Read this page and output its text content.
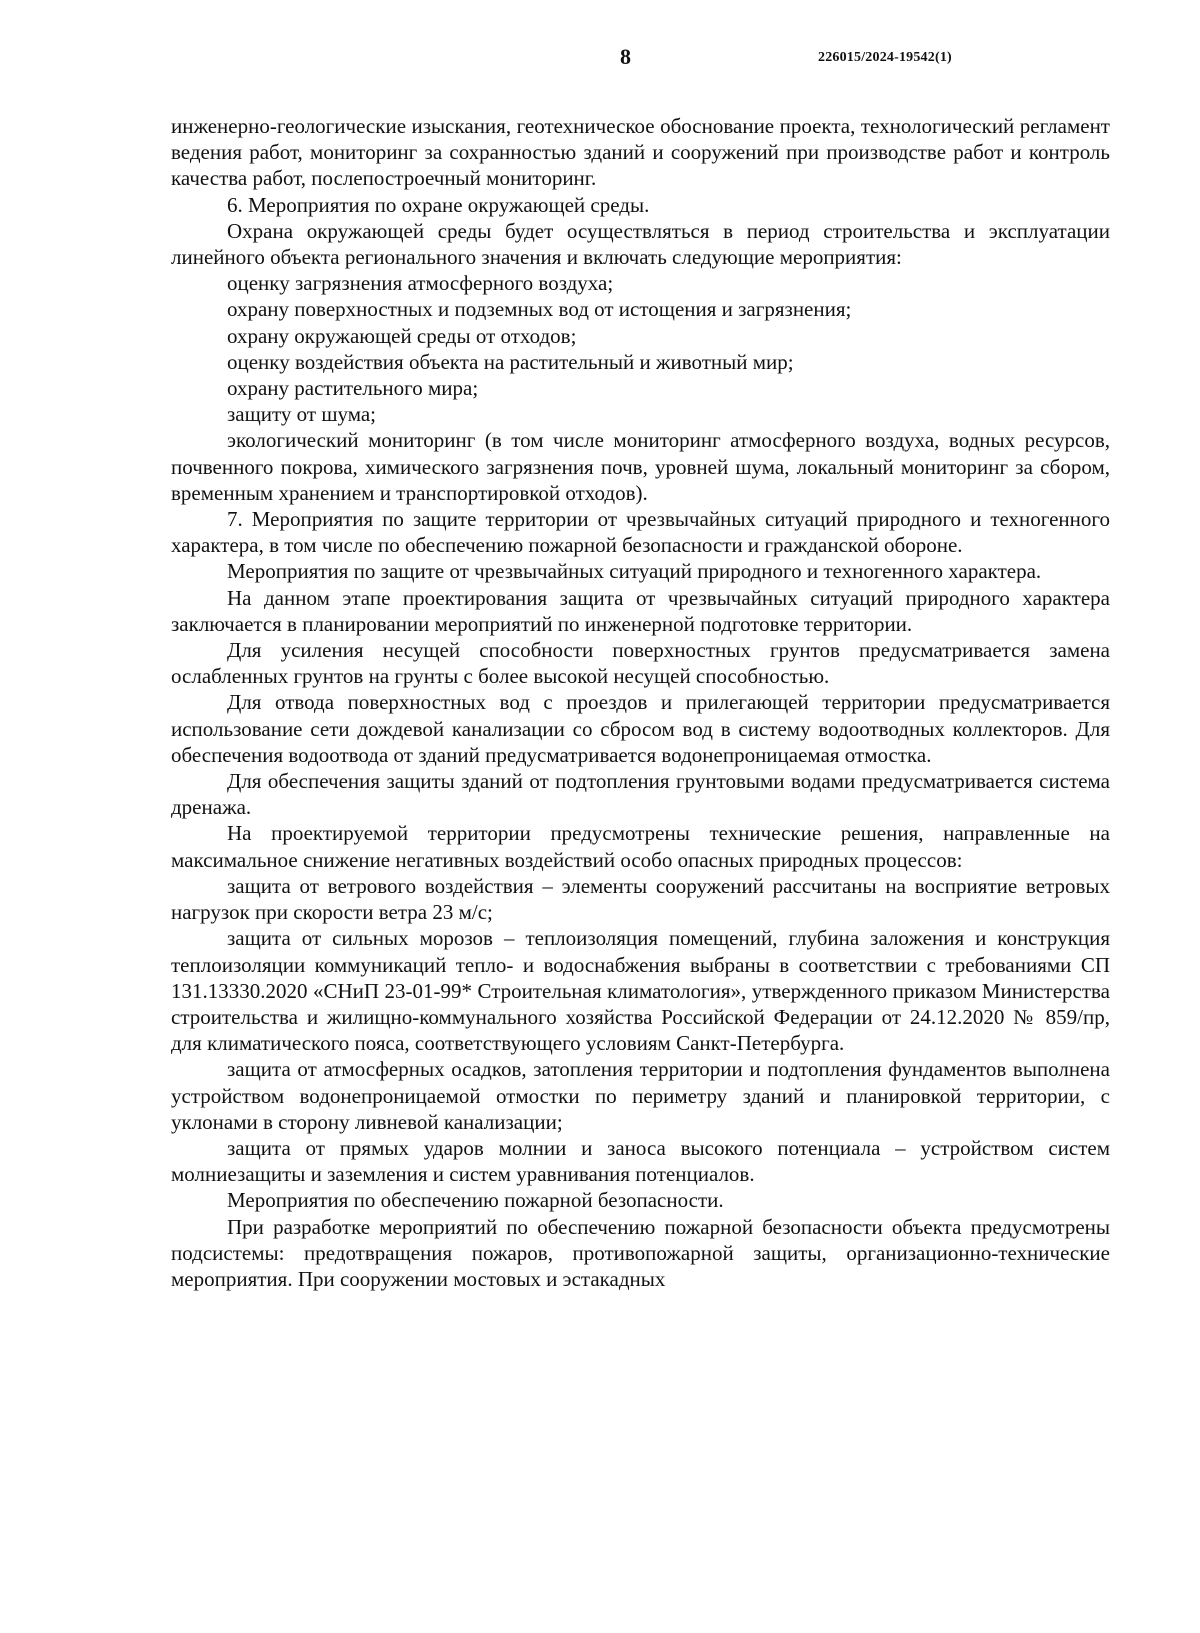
8	226015/2024-19542(1)

инженерно-геологические изыскания, геотехническое обоснование проекта, технологический регламент ведения работ, мониторинг за сохранностью зданий и сооружений при производстве работ и контроль качества работ, послепостроечный мониторинг.

6. Мероприятия по охране окружающей среды.

Охрана окружающей среды будет осуществляться в период строительства и эксплуатации линейного объекта регионального значения и включать следующие мероприятия:

оценку загрязнения атмосферного воздуха;

охрану поверхностных и подземных вод от истощения и загрязнения;

охрану окружающей среды от отходов;

оценку воздействия объекта на растительный и животный мир;

охрану растительного мира;

защиту от шума;

экологический мониторинг (в том числе мониторинг атмосферного воздуха, водных ресурсов, почвенного покрова, химического загрязнения почв, уровней шума, локальный мониторинг за сбором, временным хранением и транспортировкой отходов).

7. Мероприятия по защите территории от чрезвычайных ситуаций природного и техногенного характера, в том числе по обеспечению пожарной безопасности и гражданской обороне.

Мероприятия по защите от чрезвычайных ситуаций природного и техногенного характера.

На данном этапе проектирования защита от чрезвычайных ситуаций природного характера заключается в планировании мероприятий по инженерной подготовке территории.

Для усиления несущей способности поверхностных грунтов предусматривается замена ослабленных грунтов на грунты с более высокой несущей способностью.

Для отвода поверхностных вод с проездов и прилегающей территории предусматривается использование сети дождевой канализации со сбросом вод в систему водоотводных коллекторов. Для обеспечения водоотвода от зданий предусматривается водонепроницаемая отмостка.

Для обеспечения защиты зданий от подтопления грунтовыми водами предусматривается система дренажа.

На проектируемой территории предусмотрены технические решения, направленные на максимальное снижение негативных воздействий особо опасных природных процессов:

защита от ветрового воздействия – элементы сооружений рассчитаны на восприятие ветровых нагрузок при скорости ветра 23 м/с;

защита от сильных морозов – теплоизоляция помещений, глубина заложения и конструкция теплоизоляции коммуникаций тепло- и водоснабжения выбраны в соответствии с требованиями СП 131.13330.2020 «СНиП 23-01-99* Строительная климатология», утвержденного приказом Министерства строительства и жилищно-коммунального хозяйства Российской Федерации от 24.12.2020 № 859/пр, для климатического пояса, соответствующего условиям Санкт-Петербурга.

защита от атмосферных осадков, затопления территории и подтопления фундаментов выполнена устройством водонепроницаемой отмостки по периметру зданий и планировкой территории, с уклонами в сторону ливневой канализации;

защита от прямых ударов молнии и заноса высокого потенциала – устройством систем молниезащиты и заземления и систем уравнивания потенциалов.

Мероприятия по обеспечению пожарной безопасности.

При разработке мероприятий по обеспечению пожарной безопасности объекта предусмотрены подсистемы: предотвращения пожаров, противопожарной защиты, организационно-технические мероприятия. При сооружении мостовых и эстакадных
